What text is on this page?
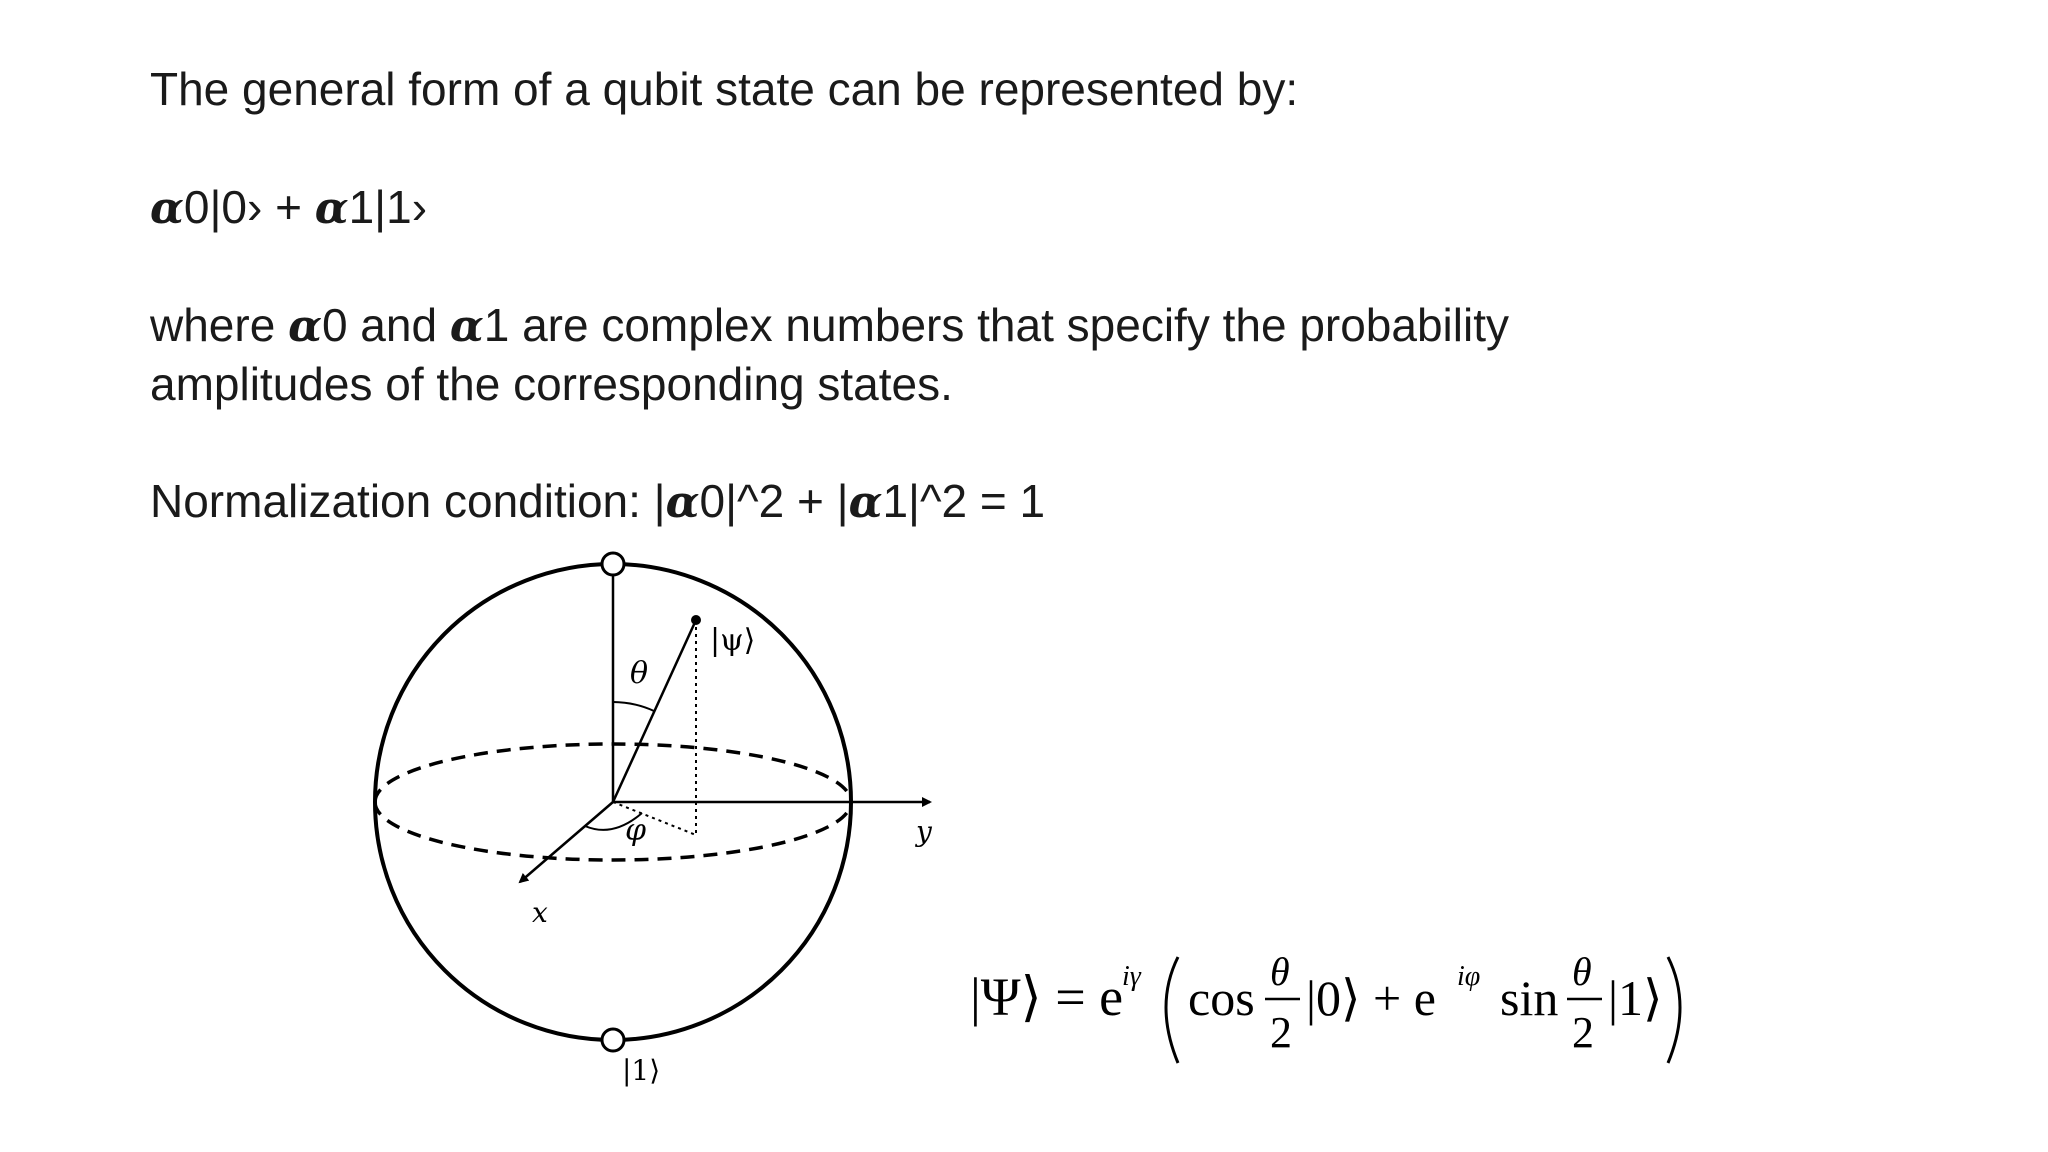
The general form of a qubit state can be represented by:
α0|0› + α1|1›
where α0 and α1 are complex numbers that specify the probability
amplitudes of the corresponding states.
Normalization condition: |α0|^2 + |α1|^2 = 1
|ψ⟩
θ
φ
x
y
|1⟩
|Ψ⟩ = e
iγ cos θ
2
|0⟩ + e iφ sin θ
2
|1⟩
